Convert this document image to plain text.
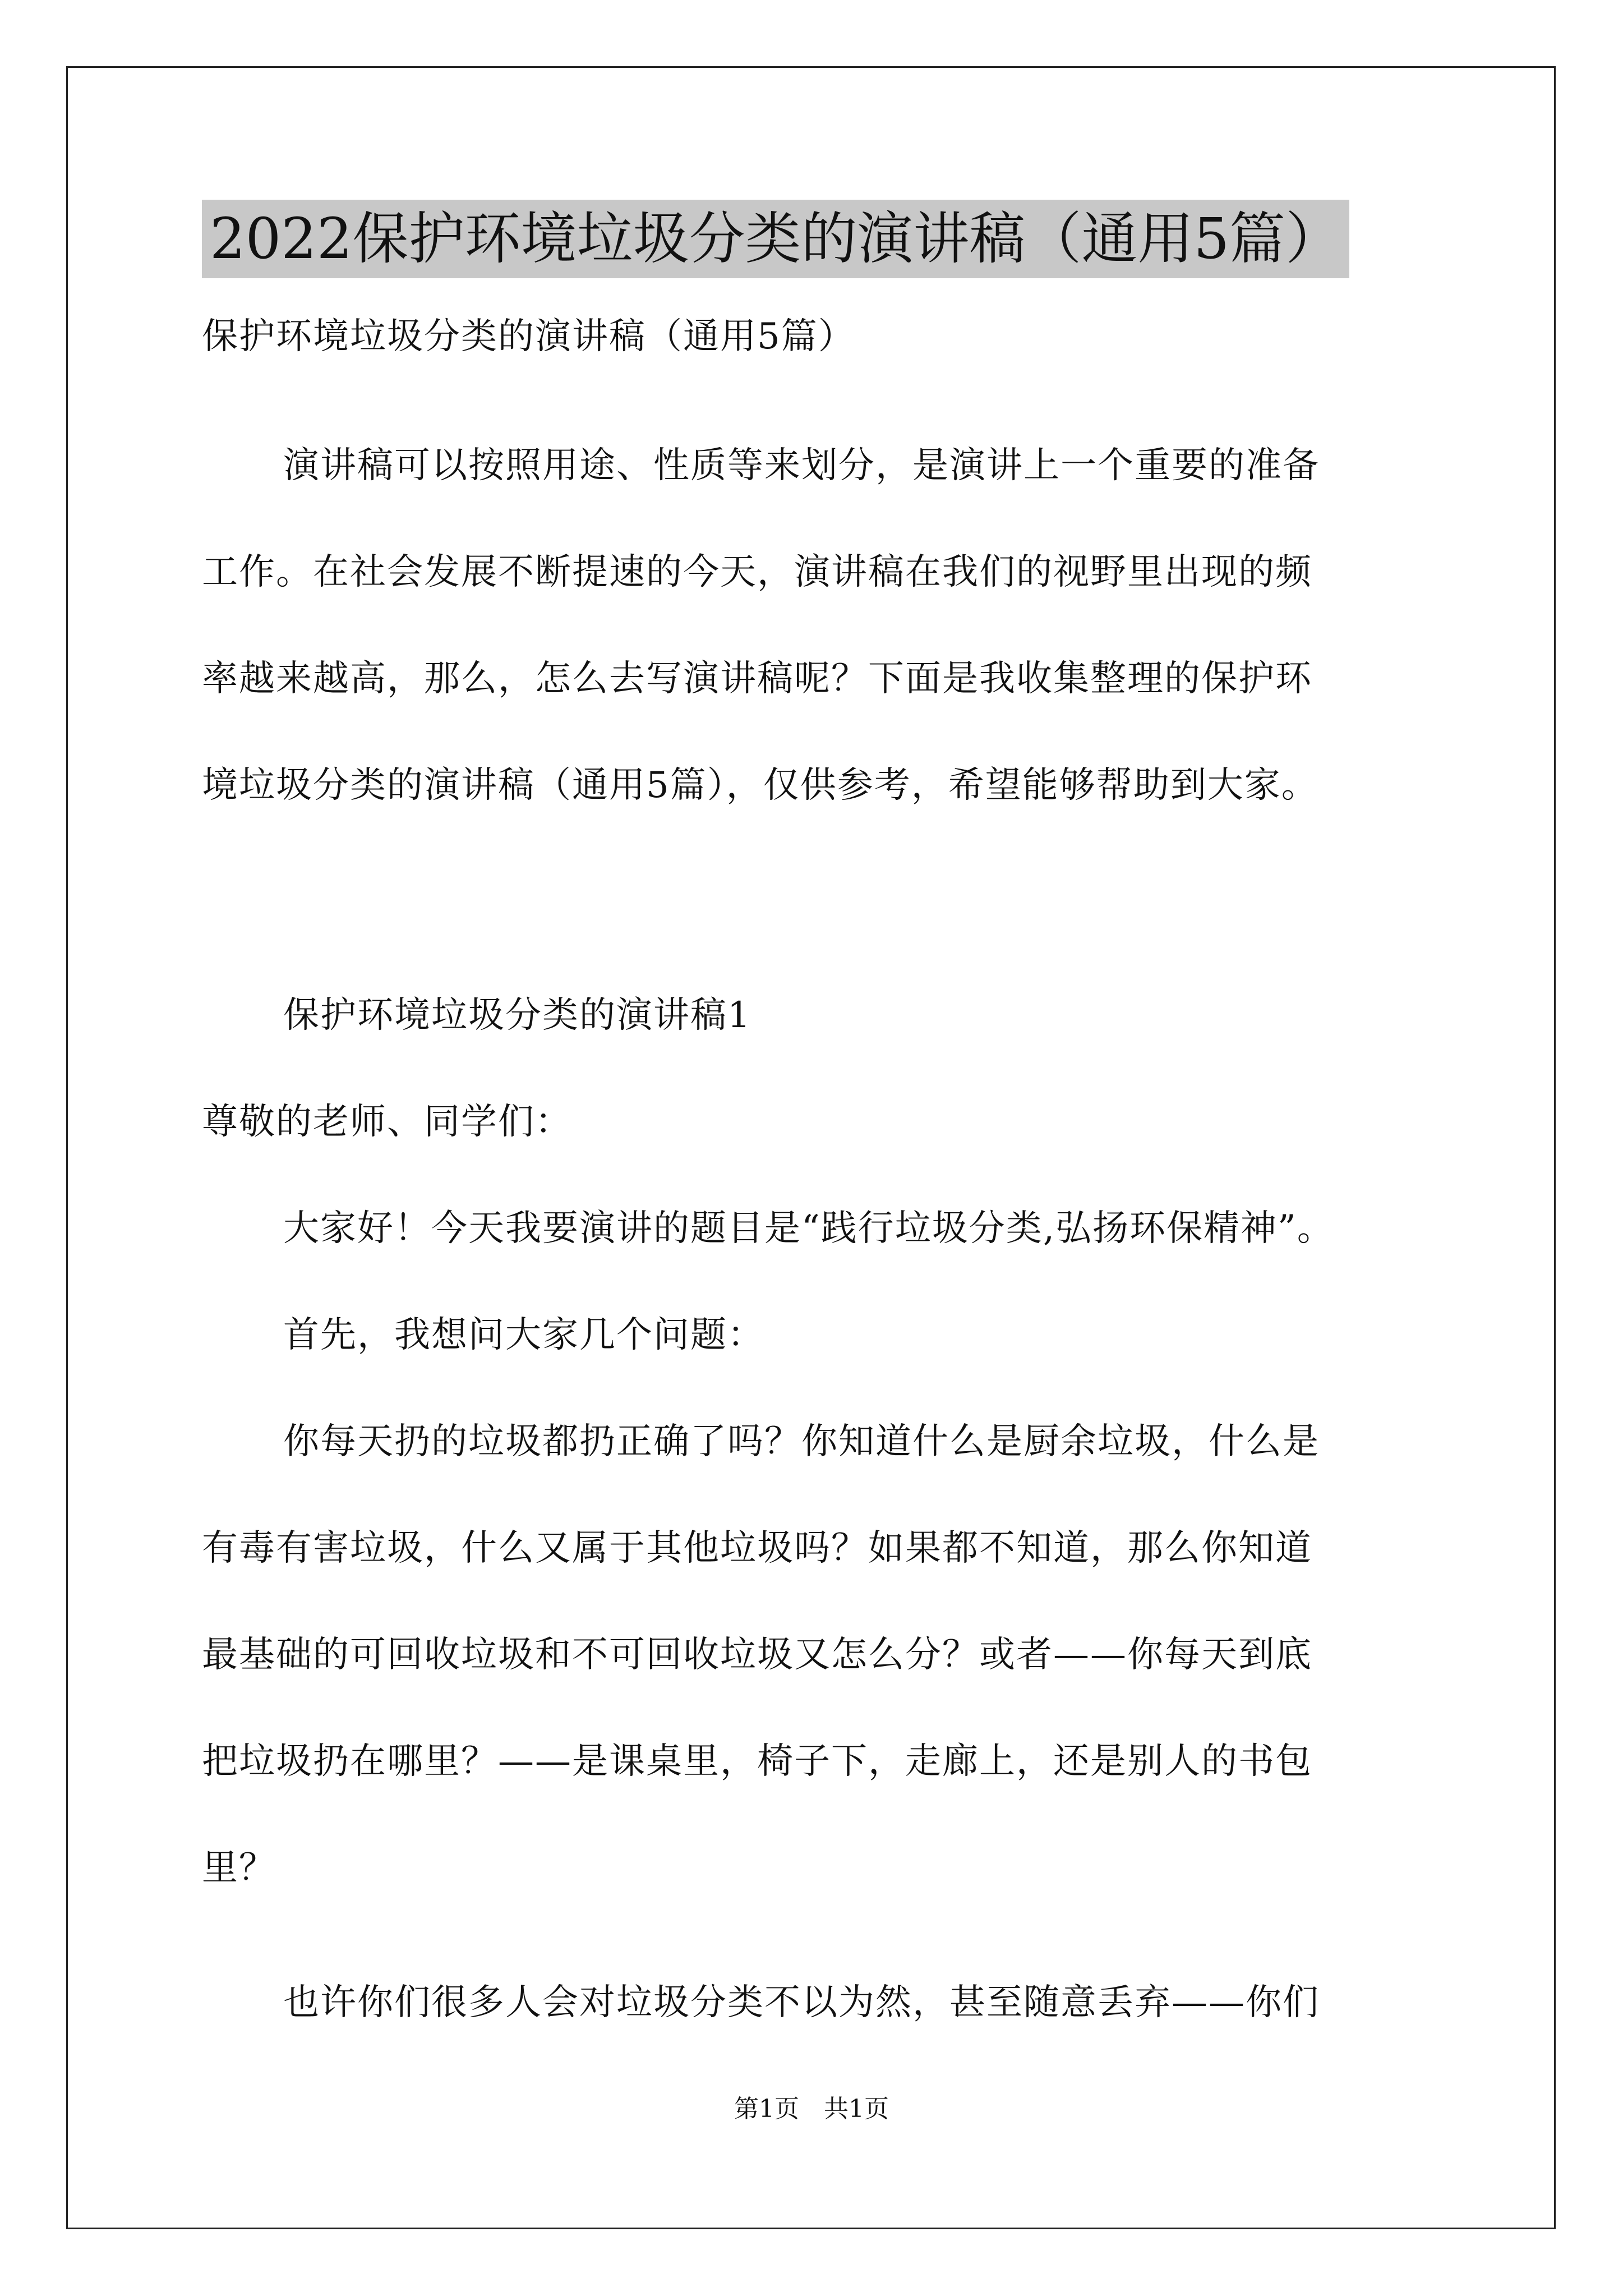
2022保护环境垃圾分类的演讲稿（通用5篇）
保护环境垃圾分类的演讲稿（通用5篇）
演讲稿可以按照用途、性质等来划分，是演讲上一个重要的准备
工作。在社会发展不断提速的今天，演讲稿在我们的视野里出现的频
率越来越高，那么，怎么去写演讲稿呢？下面是我收集整理的保护环
境垃圾分类的演讲稿（通用5篇），仅供参考，希望能够帮助到大家。
保护环境垃圾分类的演讲稿1
尊敬的老师、同学们：
大家好！今天我要演讲的题目是“践行垃圾分类,弘扬环保精神”。
首先，我想问大家几个问题：
你每天扔的垃圾都扔正确了吗？你知道什么是厨余垃圾，什么是
有毒有害垃圾，什么又属于其他垃圾吗？如果都不知道，那么你知道
最基础的可回收垃圾和不可回收垃圾又怎么分？或者——你每天到底
把垃圾扔在哪里？——是课桌里，椅子下，走廊上，还是别人的书包
里？
也许你们很多人会对垃圾分类不以为然，甚至随意丢弃——你们
第1页　共1页
